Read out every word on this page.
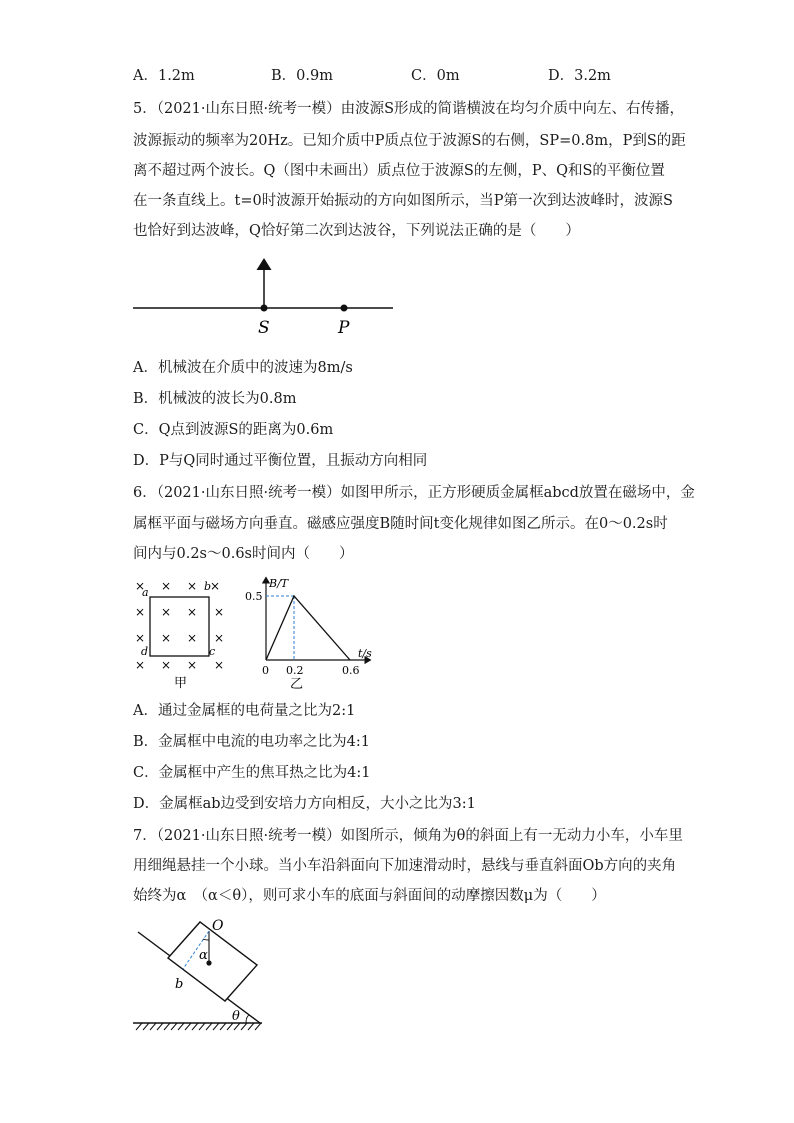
A．1.2m	B．0.9m	C．0m	D．3.2m
5．（2021·山东日照·统考一模）由波源S形成的简谐横波在均匀介质中向左、右传播，
波源振动的频率为20Hz。已知介质中P质点位于波源S的右侧，SP=0.8m，P到S的距
离不超过两个波长。Q（图中未画出）质点位于波源S的左侧，P、Q和S的平衡位置
在一条直线上。t=0时波源开始振动的方向如图所示，当P第一次到达波峰时，波源S
也恰好到达波峰，Q恰好第二次到达波谷，下列说法正确的是（　　）
S	P
A．机械波在介质中的波速为8m/s
B．机械波的波长为0.8m
C．Q点到波源S的距离为0.6m
D．P与Q同时通过平衡位置，且振动方向相同
6．（2021·山东日照·统考一模）如图甲所示，正方形硬质金属框abcd放置在磁场中，金
属框平面与磁场方向垂直。磁感应强度B随时间t变化规律如图乙所示。在0～0.2s时
间内与0.2s～0.6s时间内（　　）
×
×
×
×
×
×
×
×
×
×
×
×
×
×
×
×
a	b
c
d
甲
B/T
t/s
0.5
0 0.2	0.6
乙
A．通过金属框的电荷量之比为2:1
B．金属框中电流的电功率之比为4:1
C．金属框中产生的焦耳热之比为4:1
D．金属框ab边受到安培力方向相反，大小之比为3:1
7．（2021·山东日照·统考一模）如图所示，倾角为θ的斜面上有一无动力小车，小车里
用细绳悬挂一个小球。当小车沿斜面向下加速滑动时，悬线与垂直斜面Ob方向的夹角
始终为α　（α＜θ），则可求小车的底面与斜面间的动摩擦因数μ为（　　）
O
α
b
θ
